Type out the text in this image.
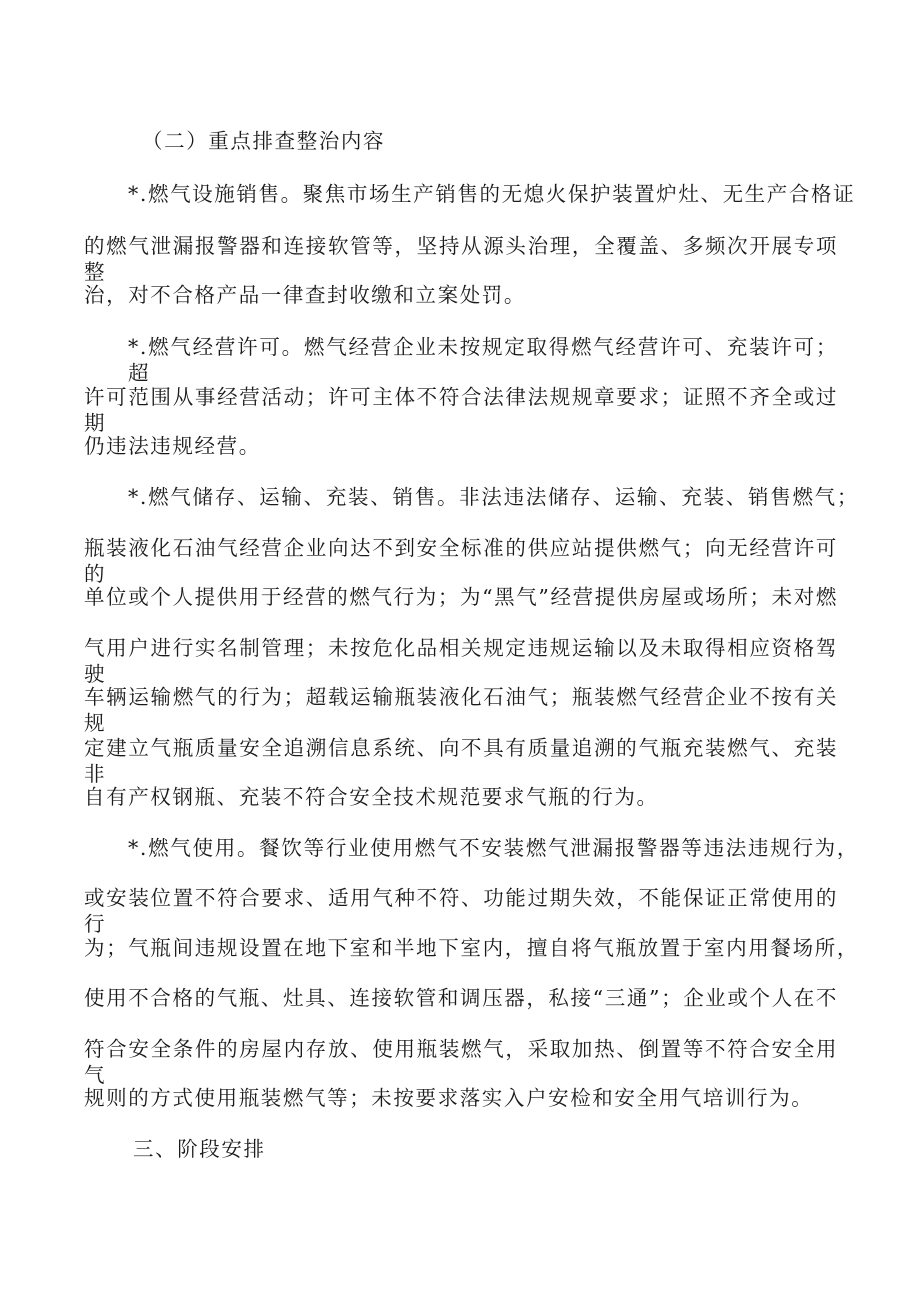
（二）重点排查整治内容
*.燃气设施销售。聚焦市场生产销售的无熄火保护装置炉灶、无生产合格证
的燃气泄漏报警器和连接软管等，坚持从源头治理，全覆盖、多频次开展专项整
治，对不合格产品一律查封收缴和立案处罚。
*.燃气经营许可。燃气经营企业未按规定取得燃气经营许可、充装许可；超
许可范围从事经营活动；许可主体不符合法律法规规章要求；证照不齐全或过期
仍违法违规经营。
*.燃气储存、运输、充装、销售。非法违法储存、运输、充装、销售燃气；
瓶装液化石油气经营企业向达不到安全标准的供应站提供燃气；向无经营许可的
单位或个人提供用于经营的燃气行为；为“黑气”经营提供房屋或场所；未对燃
气用户进行实名制管理；未按危化品相关规定违规运输以及未取得相应资格驾驶
车辆运输燃气的行为；超载运输瓶装液化石油气；瓶装燃气经营企业不按有关规
定建立气瓶质量安全追溯信息系统、向不具有质量追溯的气瓶充装燃气、充装非
自有产权钢瓶、充装不符合安全技术规范要求气瓶的行为。
*.燃气使用。餐饮等行业使用燃气不安装燃气泄漏报警器等违法违规行为，
或安装位置不符合要求、适用气种不符、功能过期失效，不能保证正常使用的行
为；气瓶间违规设置在地下室和半地下室内，擅自将气瓶放置于室内用餐场所，
使用不合格的气瓶、灶具、连接软管和调压器，私接“三通”；企业或个人在不
符合安全条件的房屋内存放、使用瓶装燃气，采取加热、倒置等不符合安全用气
规则的方式使用瓶装燃气等；未按要求落实入户安检和安全用气培训行为。
三、阶段安排
